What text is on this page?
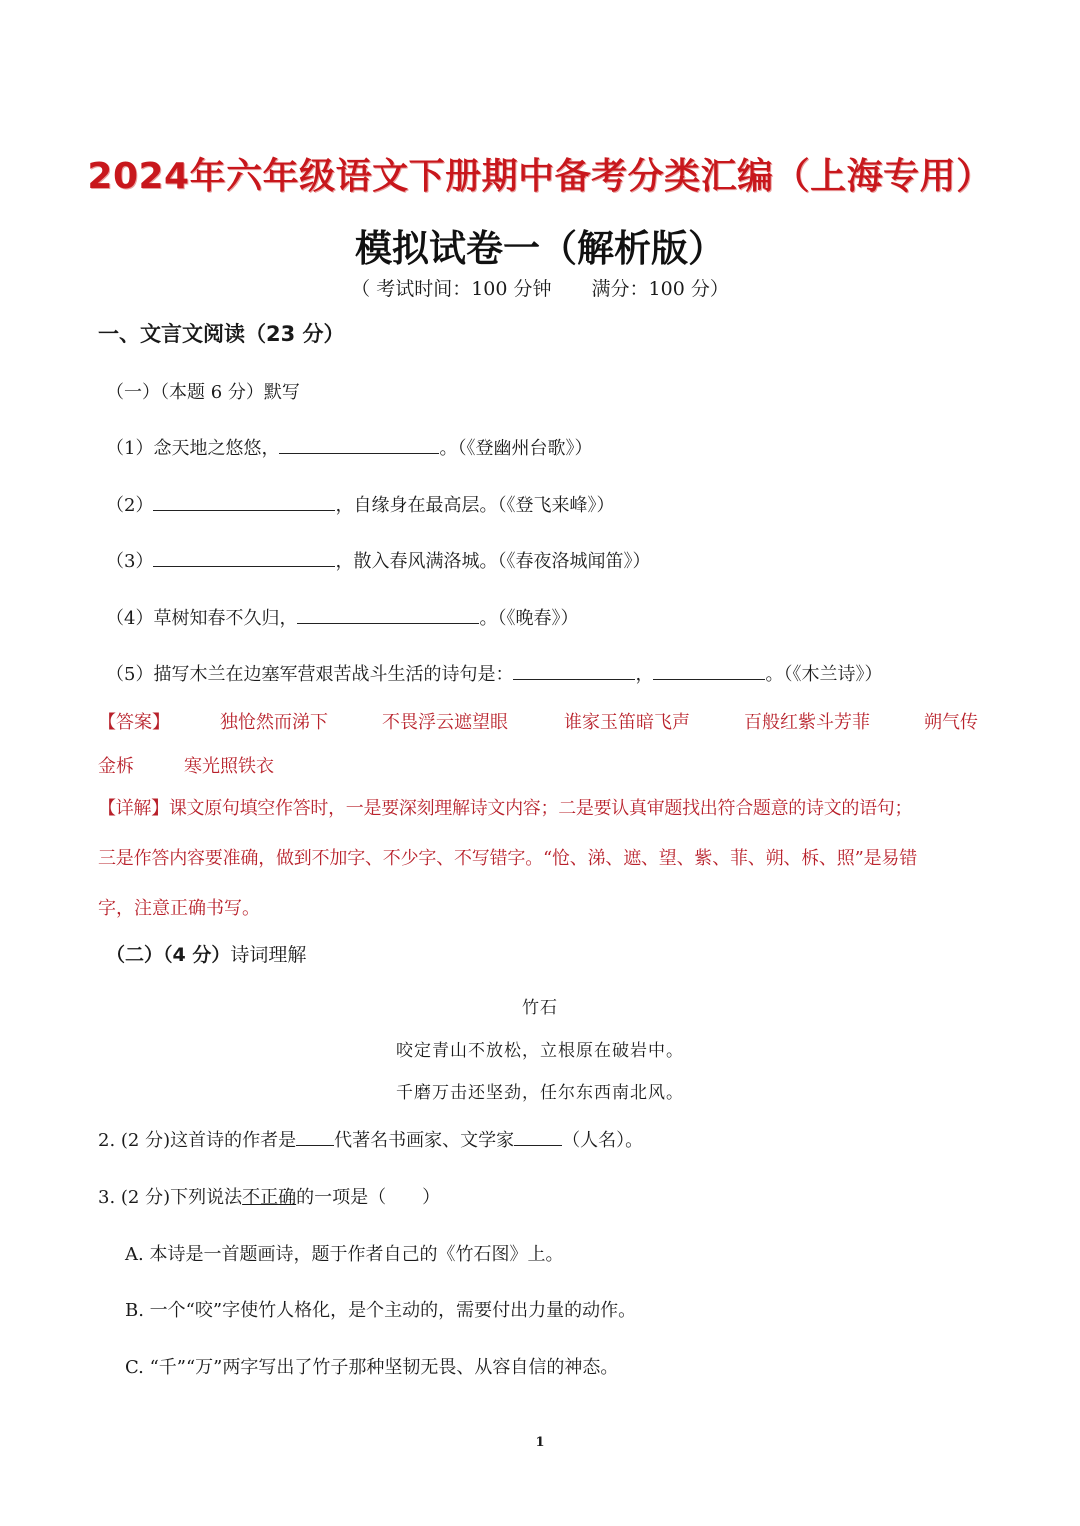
2024年六年级语文下册期中备考分类汇编（上海专用）
模拟试卷一（解析版）
（ 考试时间：100 分钟 满分：100 分）
一、文言文阅读（23 分）
（一）（本题 6 分）默写
（1）念天地之悠悠，	。（《登幽州台歌》）
（2）	，自缘身在最高层。（《登飞来峰》）
（3）	，散入春风满洛城。（《春夜洛城闻笛》）
（4）草树知春不久归，	。（《晚春》）
（5）描写木兰在边塞军营艰苦战斗生活的诗句是：	，	。（《木兰诗》）
【答案】	独怆然而涕下	不畏浮云遮望眼	谁家玉笛暗飞声	百般红紫斗芳菲	朔气传
金柝	寒光照铁衣
【详解】课文原句填空作答时，一是要深刻理解诗文内容；二是要认真审题找出符合题意的诗文的语句；
三是作答内容要准确，做到不加字、不少字、不写错字。“怆、涕、遮、望、紫、菲、朔、柝、照”是易错
字，注意正确书写。
（二）（4 分）诗词理解
竹石
咬定青山不放松，立根原在破岩中。
千磨万击还坚劲，任尔东西南北风。
2. (2 分)这首诗的作者是 代著名书画家、文学家	（人名）。
3. (2 分)下列说法不正确的一项是（　　）
A. 本诗是一首题画诗，题于作者自己的《竹石图》上。
B. 一个“咬”字使竹人格化，是个主动的，需要付出力量的动作。
C. “千”“万”两字写出了竹子那种坚韧无畏、从容自信的神态。
1
